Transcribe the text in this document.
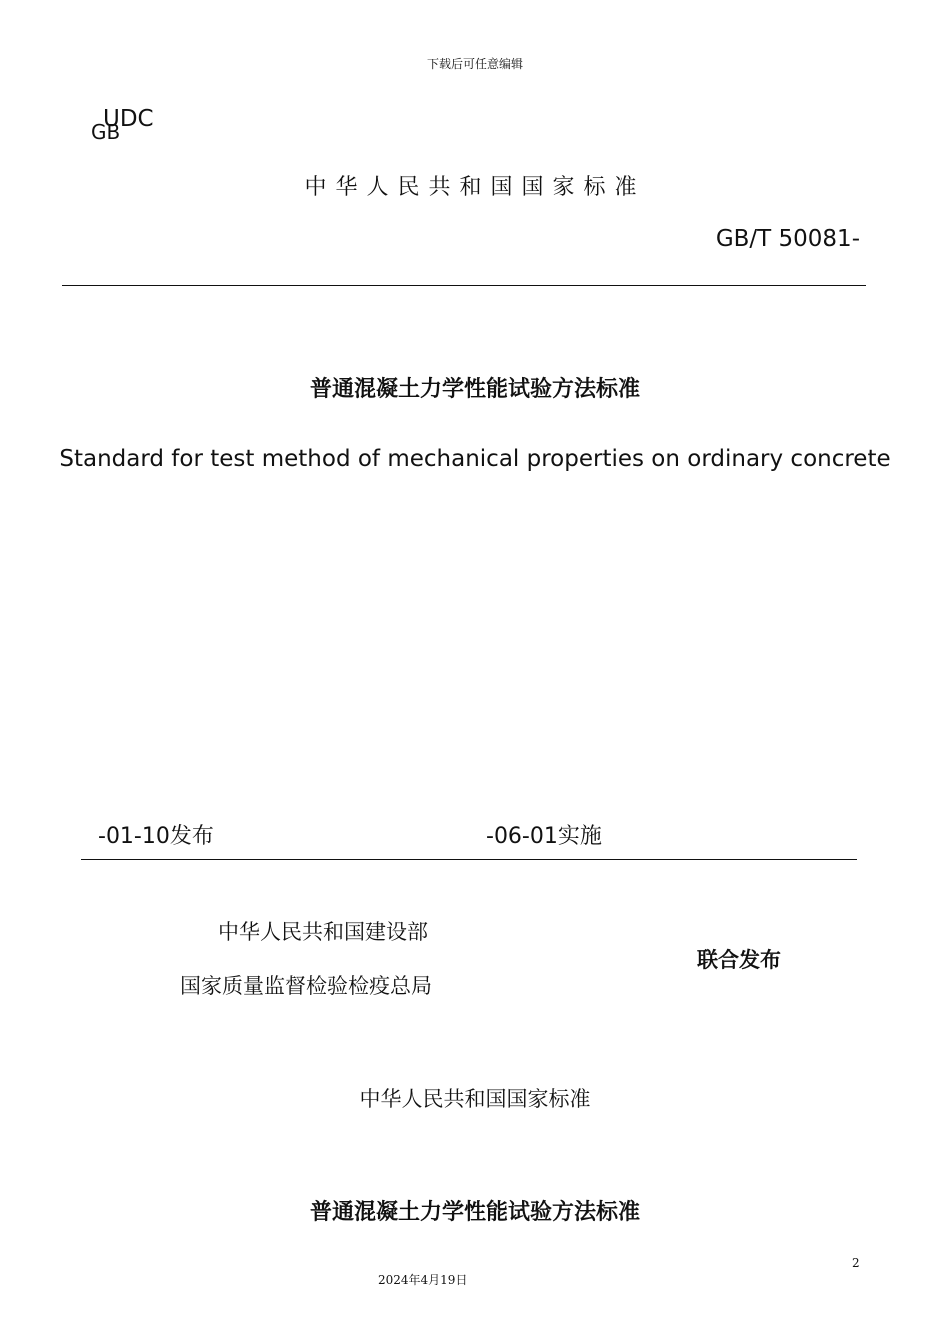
下载后可任意编辑
UDC
GB
中华人民共和国国家标准
GB/T 50081-
普通混凝土力学性能试验方法标准
Standard for test method of mechanical properties on ordinary concrete
-01-10发布	-06-01实施
中华人民共和国建设部
国家质量监督检验检疫总局
联合发布
中华人民共和国国家标准
普通混凝土力学性能试验方法标准
2
2024年4月19日
